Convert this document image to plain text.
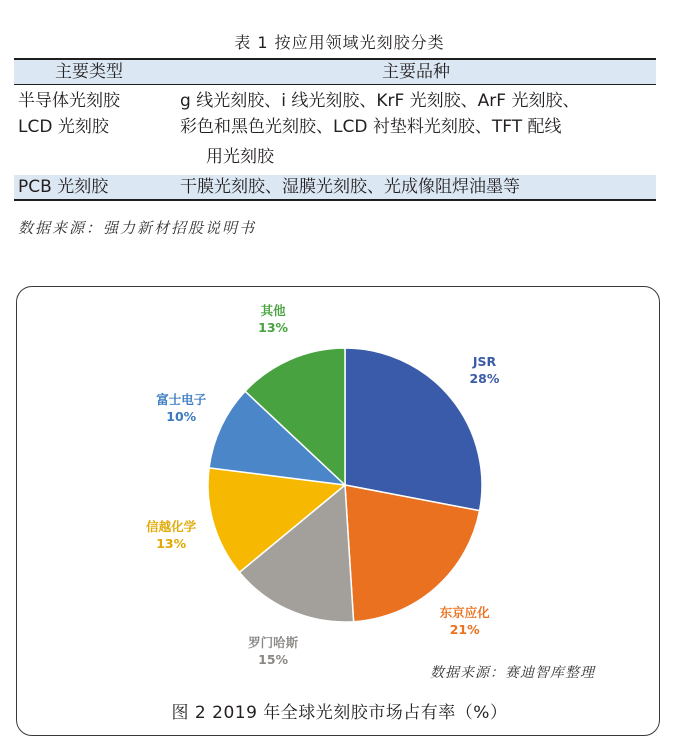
表 1 按应用领域光刻胶分类
主要类型	主要品种
半导体光刻胶	g 线光刻胶、i 线光刻胶、KrF 光刻胶、ArF 光刻胶、
LCD 光刻胶	彩色和黑色光刻胶、LCD 衬垫料光刻胶、TFT 配线
用光刻胶
PCB 光刻胶	干膜光刻胶、湿膜光刻胶、光成像阻焊油墨等
数据来源：强力新材招股说明书
JSR
28%
东京应化
21%
罗门哈斯
15%
信越化学
13%
富士电子
10%
其他
13%
数据来源：赛迪智库整理
图 2 2019 年全球光刻胶市场占有率（%）
